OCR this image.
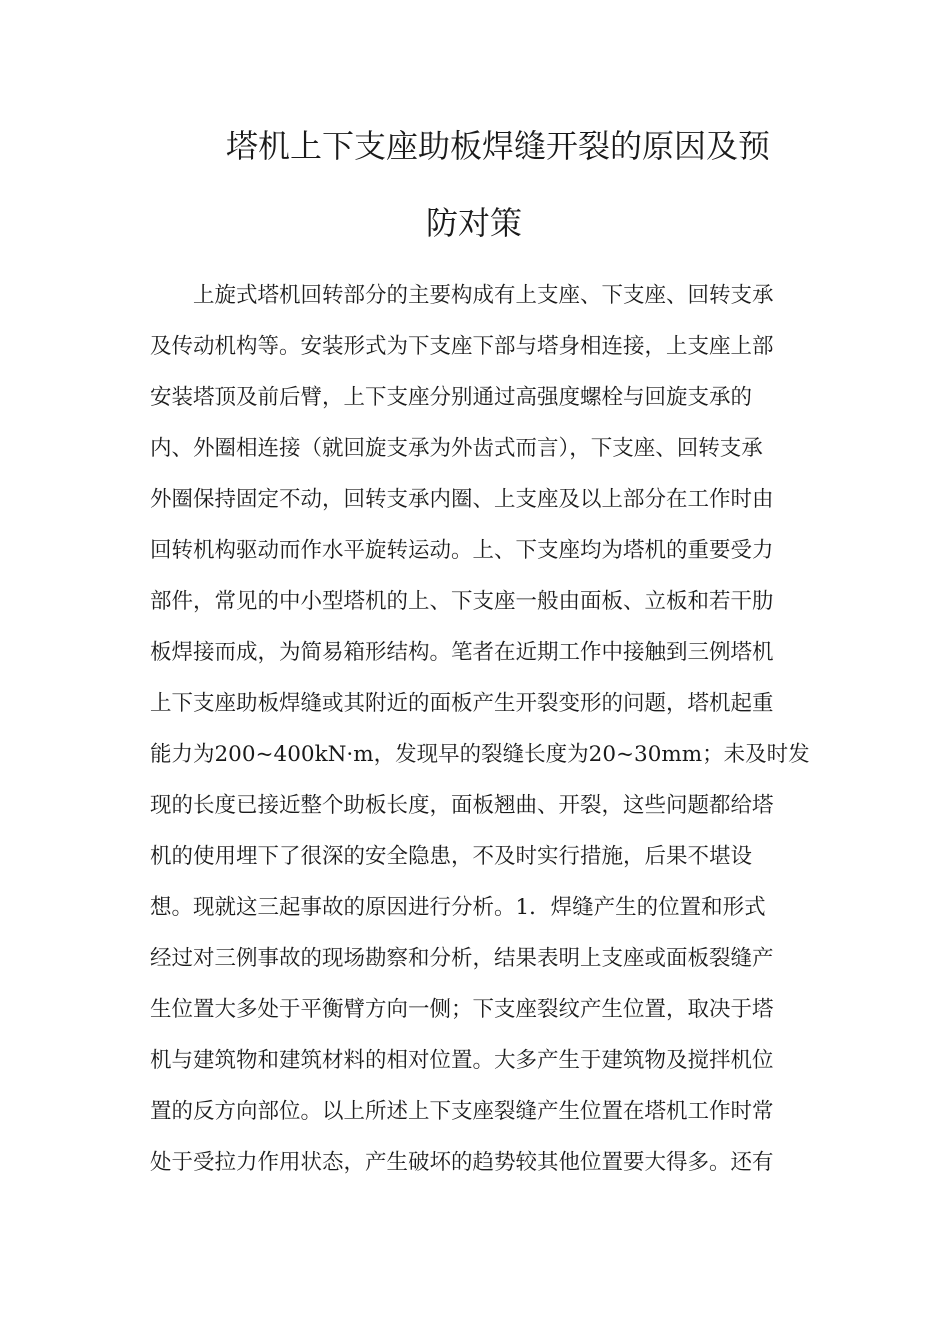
塔机上下支座助板焊缝开裂的原因及预
防对策
上旋式塔机回转部分的主要构成有上支座、下支座、回转支承
及传动机构等。安装形式为下支座下部与塔身相连接，上支座上部
安装塔顶及前后臂，上下支座分别通过高强度螺栓与回旋支承的
内、外圈相连接（就回旋支承为外齿式而言），下支座、回转支承
外圈保持固定不动，回转支承内圈、上支座及以上部分在工作时由
回转机构驱动而作水平旋转运动。上、下支座均为塔机的重要受力
部件，常见的中小型塔机的上、下支座一般由面板、立板和若干肋
板焊接而成，为简易箱形结构。笔者在近期工作中接触到三例塔机
上下支座助板焊缝或其附近的面板产生开裂变形的问题，塔机起重
能力为200~400kN·m，发现早的裂缝长度为20~30mm；未及时发
现的长度已接近整个助板长度，面板翘曲、开裂，这些问题都给塔
机的使用埋下了很深的安全隐患，不及时实行措施，后果不堪设
想。现就这三起事故的原因进行分析。1．焊缝产生的位置和形式
经过对三例事故的现场勘察和分析，结果表明上支座或面板裂缝产
生位置大多处于平衡臂方向一侧；下支座裂纹产生位置，取决于塔
机与建筑物和建筑材料的相对位置。大多产生于建筑物及搅拌机位
置的反方向部位。以上所述上下支座裂缝产生位置在塔机工作时常
处于受拉力作用状态，产生破坏的趋势较其他位置要大得多。还有
